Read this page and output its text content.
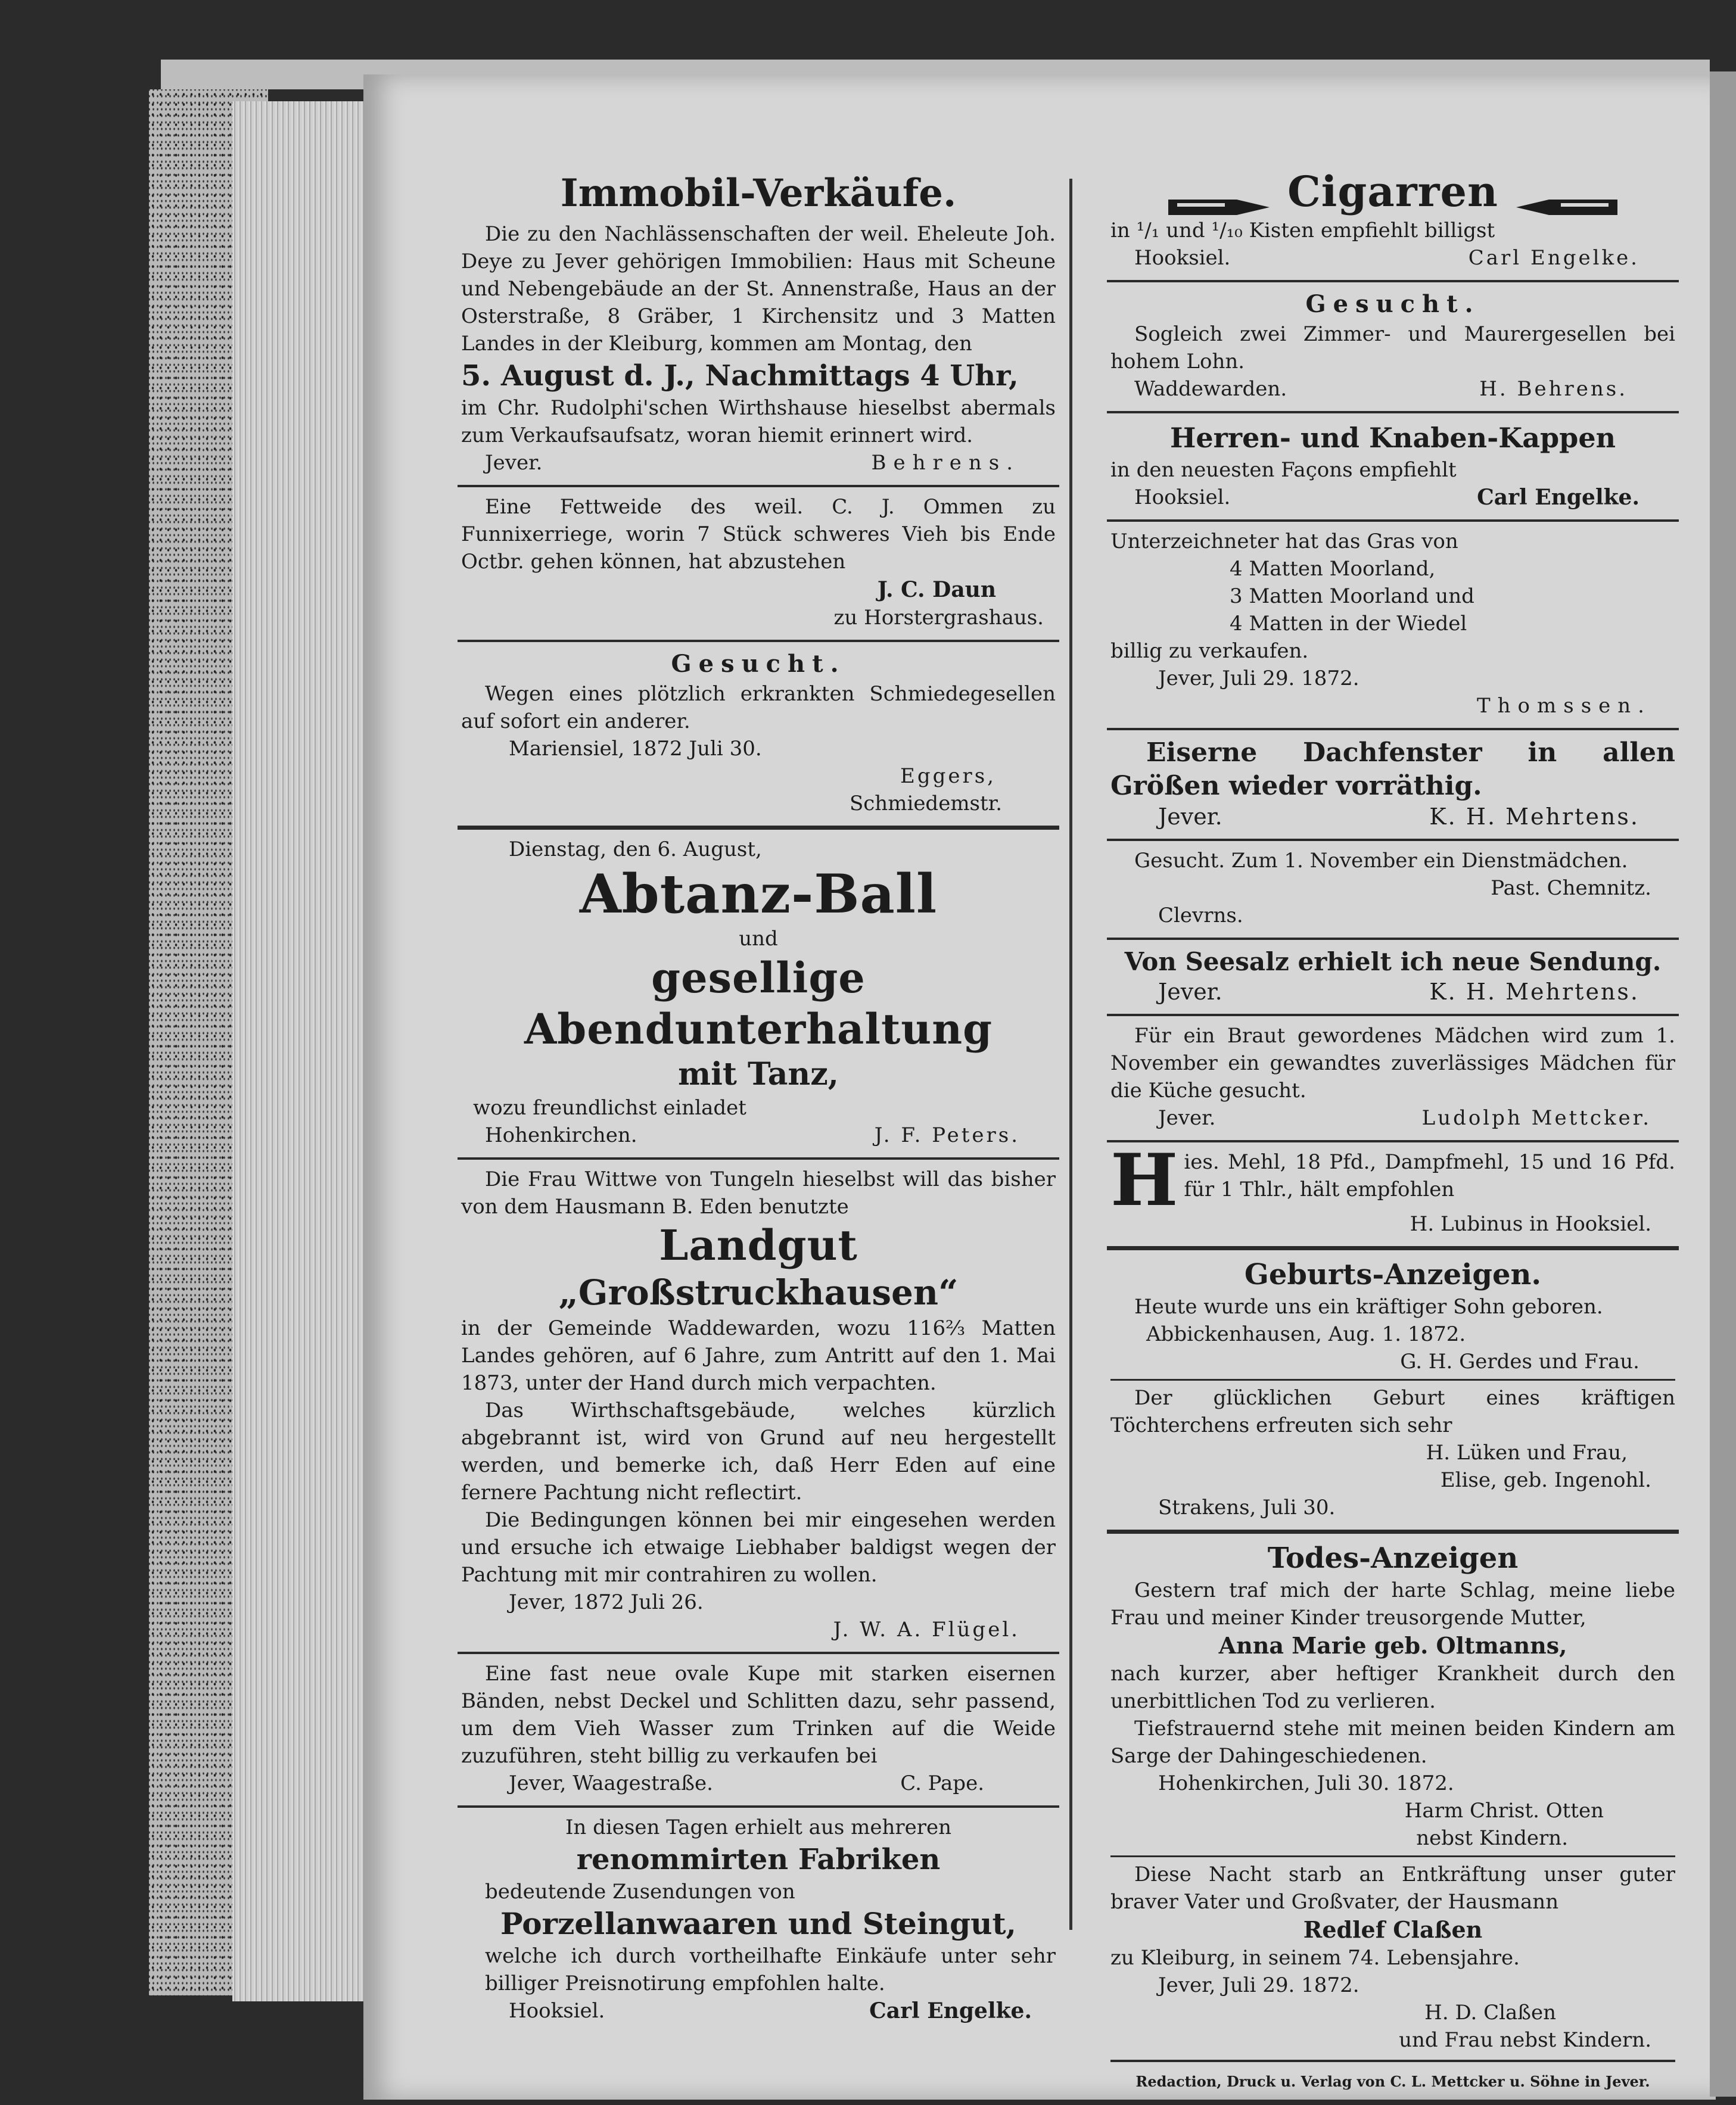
Immobil-Verkäufe.

Die zu den Nachlässenschaften der weil. Eheleute Joh. Deye zu Jever gehörigen Immobilien: Haus mit Scheune und Nebengebäude an der St. Annenstraße, Haus an der Osterstraße, 8 Gräber, 1 Kirchensitz und 3 Matten Landes in der Kleiburg, kommen am Montag, den

5. August d. J., Nachmittags 4 Uhr,

im Chr. Rudolphi'schen Wirthshause hieselbst abermals zum Verkaufsaufsatz, woran hiemit erinnert wird.

Jever.	Behrens.

Eine Fettweide des weil. C. J. Ommen zu Funnixerriege, worin 7 Stück schweres Vieh bis Ende Octbr. gehen können, hat abzustehen

J. C. Daun

zu Horstergrashaus.

Gesucht.

Wegen eines plötzlich erkrankten Schmiedegesellen auf sofort ein anderer.

Mariensiel, 1872 Juli 30.

Eggers,

Schmiedemstr.

Dienstag, den 6. August,

Abtanz-Ball

und

gesellige Abendunterhaltung

mit Tanz,

wozu freundlichst einladet

Hohenkirchen.	J. F. Peters.

Die Frau Wittwe von Tungeln hieselbst will das bisher von dem Hausmann B. Eden benutzte

Landgut

„Großstruckhausen“

in der Gemeinde Waddewarden, wozu 116⅔ Matten Landes gehören, auf 6 Jahre, zum Antritt auf den 1. Mai 1873, unter der Hand durch mich verpachten.

Das Wirthschaftsgebäude, welches kürzlich abgebrannt ist, wird von Grund auf neu hergestellt werden, und bemerke ich, daß Herr Eden auf eine fernere Pachtung nicht reflectirt.

Die Bedingungen können bei mir eingesehen werden und ersuche ich etwaige Liebhaber baldigst wegen der Pachtung mit mir contrahiren zu wollen.

Jever, 1872 Juli 26.

J. W. A. Flügel.

Eine fast neue ovale Kupe mit starken eisernen Bänden, nebst Deckel und Schlitten dazu, sehr passend, um dem Vieh Wasser zum Trinken auf die Weide zuzuführen, steht billig zu verkaufen bei

Jever, Waagestraße.	C. Pape.

In diesen Tagen erhielt aus mehreren

renommirten Fabriken

bedeutende Zusendungen von

Porzellanwaaren und Steingut,

welche ich durch vortheilhafte Einkäufe unter sehr billiger Preisnotirung empfohlen halte.

Hooksiel.	Carl Engelke.

Cigarren

in ¹/₁ und ¹/₁₀ Kisten empfiehlt billigst

Hooksiel.	Carl Engelke.

Gesucht.

Sogleich zwei Zimmer- und Maurergesellen bei hohem Lohn.

Waddewarden.	H. Behrens.

Herren- und Knaben-Kappen

in den neuesten Façons empfiehlt

Hooksiel.	Carl Engelke.

Unterzeichneter hat das Gras von

4 Matten Moorland,

3 Matten Moorland und

4 Matten in der Wiedel

billig zu verkaufen.

Jever, Juli 29. 1872.

Thomssen.

Eiserne Dachfenster in allen Größen wieder vorräthig.

Jever.	K. H. Mehrtens.

Gesucht. Zum 1. November ein Dienstmädchen.

Past. Chemnitz.

Clevrns.

Von Seesalz erhielt ich neue Sendung.

Jever.	K. H. Mehrtens.

Für ein Braut gewordenes Mädchen wird zum 1. November ein gewandtes zuverlässiges Mädchen für die Küche gesucht.

Jever.	Ludolph Mettcker.
H ies. Mehl, 18 Pfd., Dampfmehl, 15 und 16 Pfd. für 1 Thlr., hält empfohlen

H. Lubinus in Hooksiel.

Geburts-Anzeigen.

Heute wurde uns ein kräftiger Sohn geboren.

Abbickenhausen, Aug. 1. 1872.

G. H. Gerdes und Frau.

Der glücklichen Geburt eines kräftigen Töchterchens erfreuten sich sehr

H. Lüken und Frau,

Elise, geb. Ingenohl.

Strakens, Juli 30.

Todes-Anzeigen

Gestern traf mich der harte Schlag, meine liebe Frau und meiner Kinder treusorgende Mutter,

Anna Marie geb. Oltmanns,

nach kurzer, aber heftiger Krankheit durch den unerbittlichen Tod zu verlieren.

Tiefstrauernd stehe mit meinen beiden Kindern am Sarge der Dahingeschiedenen.

Hohenkirchen, Juli 30. 1872.

Harm Christ. Otten

nebst Kindern.

Diese Nacht starb an Entkräftung unser guter braver Vater und Großvater, der Hausmann

Redlef Claßen

zu Kleiburg, in seinem 74. Lebensjahre.

Jever, Juli 29. 1872.

H. D. Claßen

und Frau nebst Kindern.

Redaction, Druck u. Verlag von C. L. Mettcker u. Söhne in Jever.
